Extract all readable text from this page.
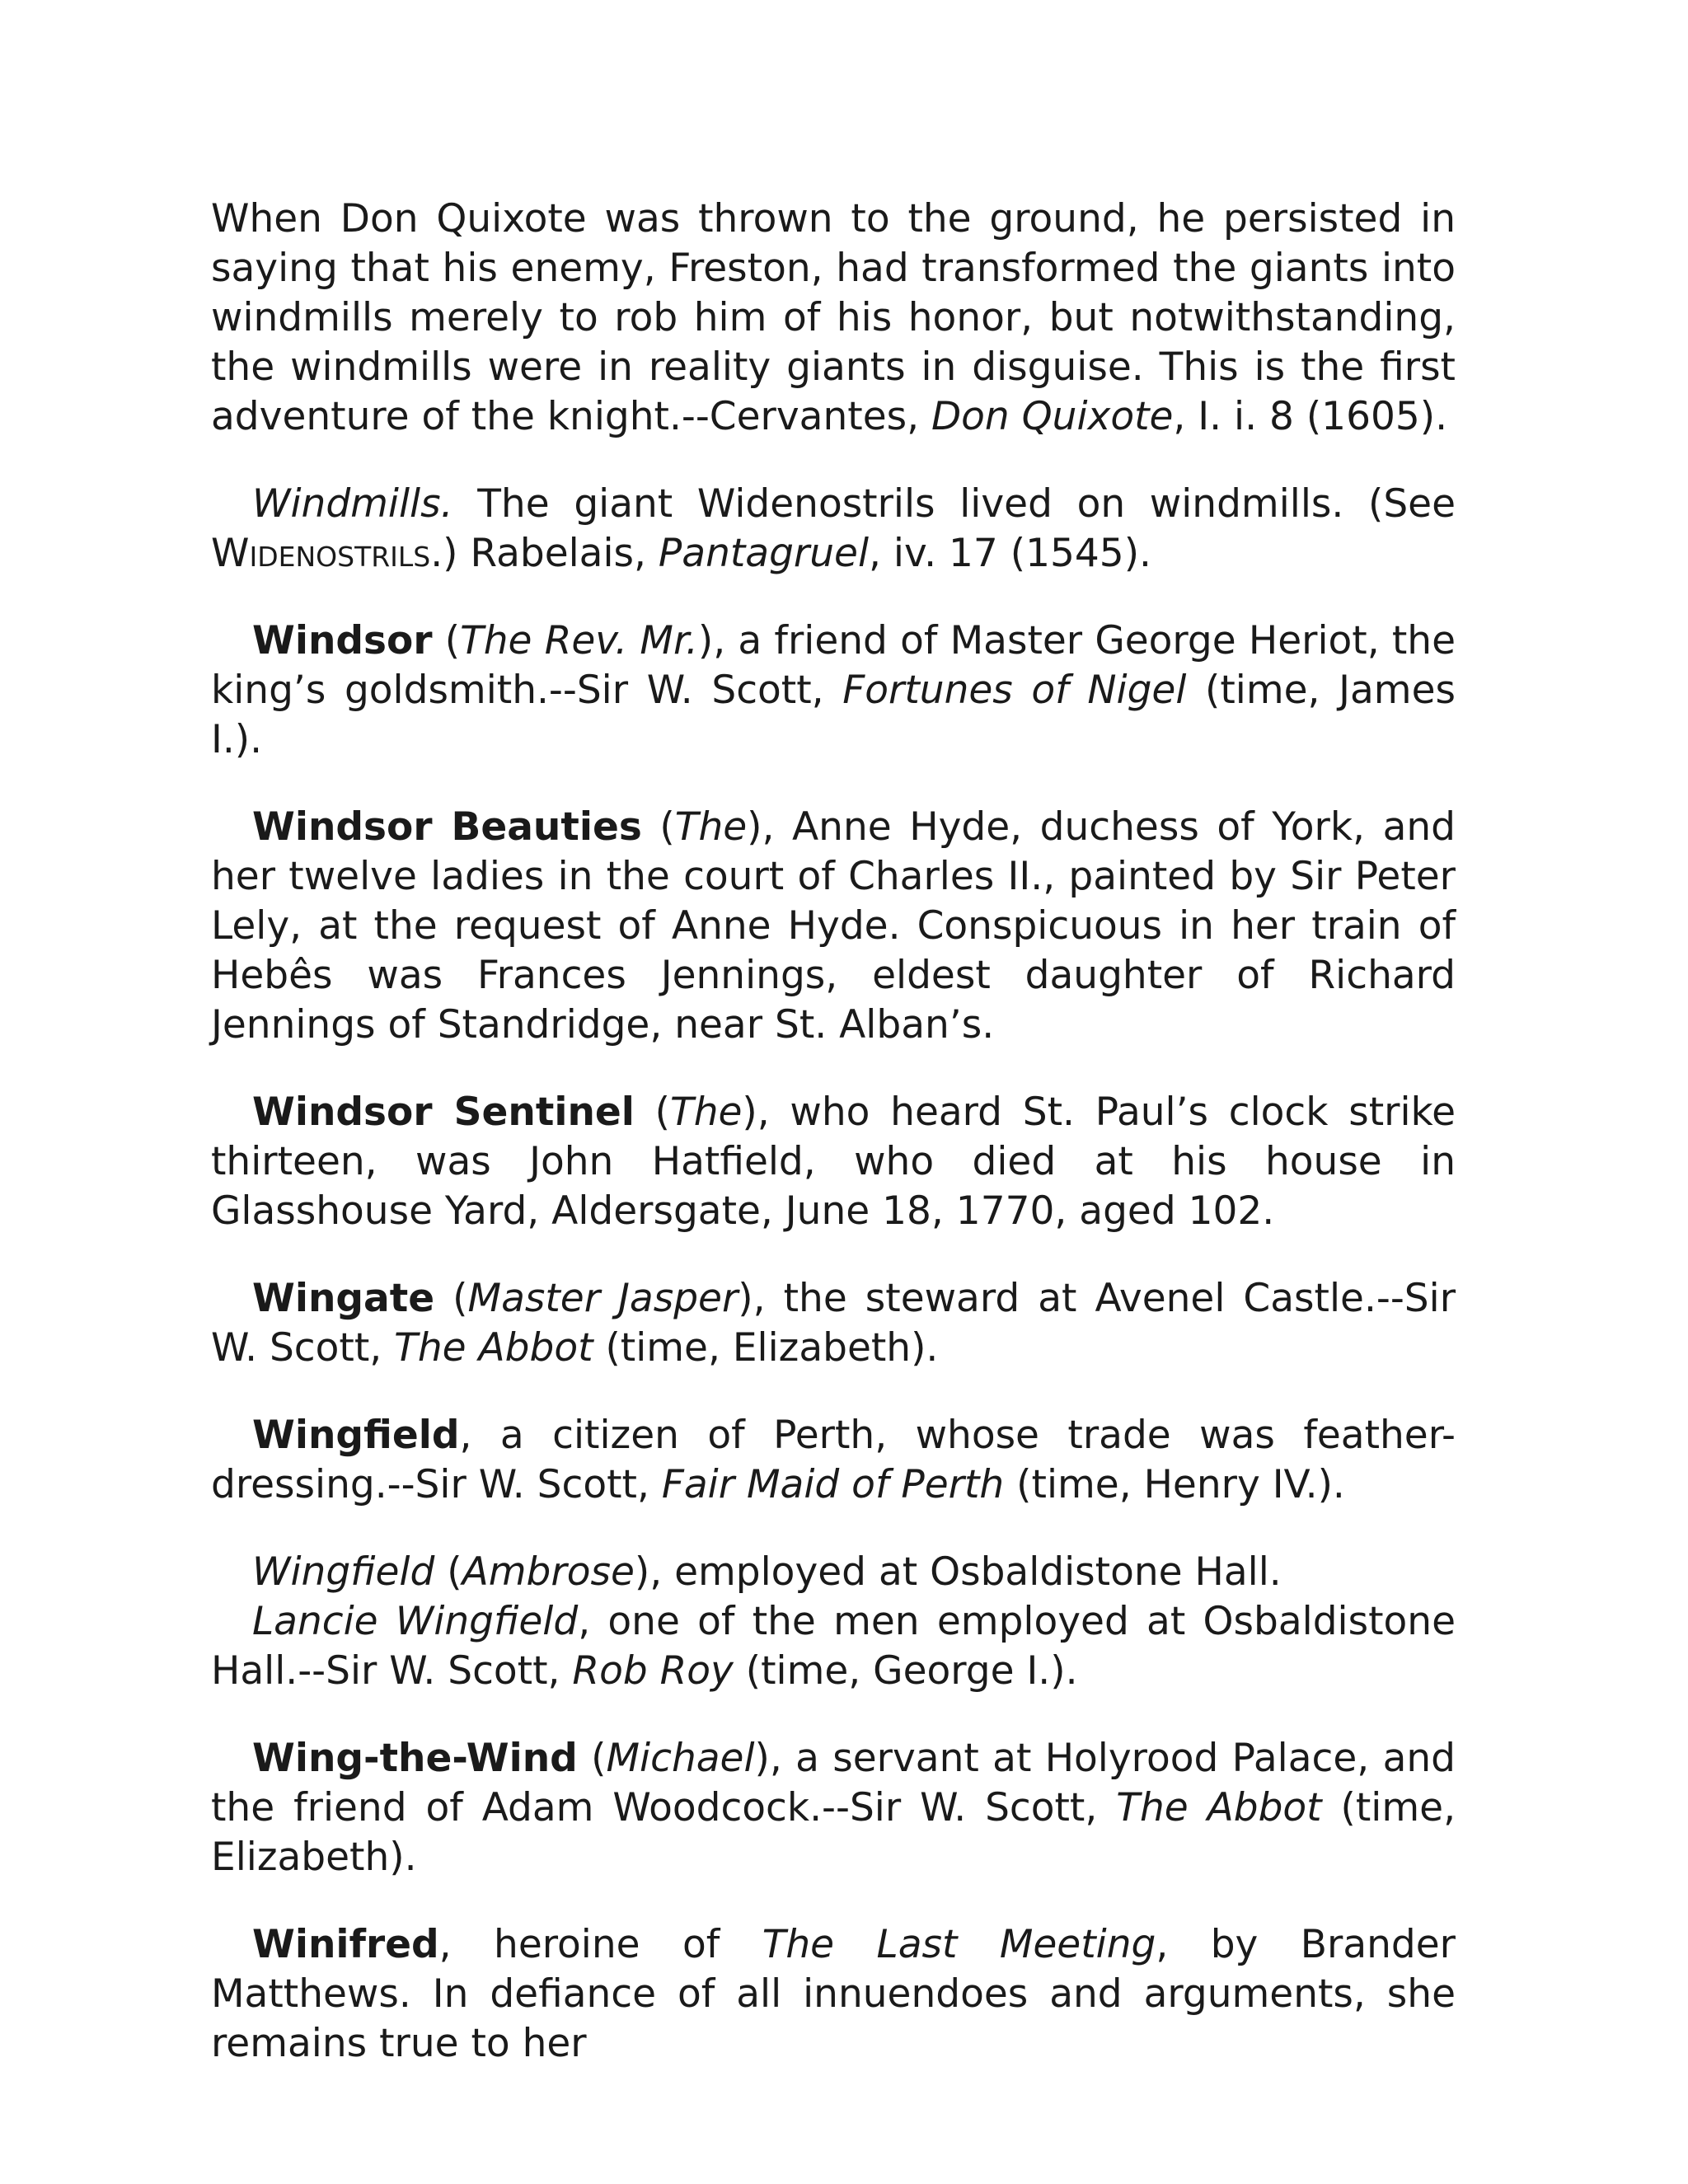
When Don Quixote was thrown to the ground, he persisted in saying that his enemy, Freston, had transformed the giants into windmills merely to rob him of his honor, but notwithstanding, the windmills were in reality giants in disguise. This is the first adventure of the knight.--Cervantes, Don Quixote, I. i. 8 (1605).

Windmills. The giant Widenostrils lived on windmills. (See Widenostrils.) Rabelais, Pantagruel, iv. 17 (1545).

Windsor (The Rev. Mr.), a friend of Master George Heriot, the king’s goldsmith.--Sir W. Scott, Fortunes of Nigel (time, James I.).

Windsor Beauties (The), Anne Hyde, duchess of York, and her twelve ladies in the court of Charles II., painted by Sir Peter Lely, at the request of Anne Hyde. Conspicuous in her train of Hebês was Frances Jennings, eldest daughter of Richard Jennings of Standridge, near St. Alban’s.

Windsor Sentinel (The), who heard St. Paul’s clock strike thirteen, was John Hatfield, who died at his house in Glasshouse Yard, Aldersgate, June 18, 1770, aged 102.

Wingate (Master Jasper), the steward at Avenel Castle.--Sir W. Scott, The Abbot (time, Elizabeth).

Wingfield, a citizen of Perth, whose trade was feather-dressing.--Sir W. Scott, Fair Maid of Perth (time, Henry IV.).

Wingfield (Ambrose), employed at Osbaldistone Hall.
Lancie Wingfield, one of the men employed at Osbaldistone Hall.--Sir W. Scott, Rob Roy (time, George I.).

Wing-the-Wind (Michael), a servant at Holyrood Palace, and the friend of Adam Woodcock.--Sir W. Scott, The Abbot (time, Elizabeth).

Winifred, heroine of The Last Meeting, by Brander Matthews. In defiance of all innuendoes and arguments, she remains true to her
